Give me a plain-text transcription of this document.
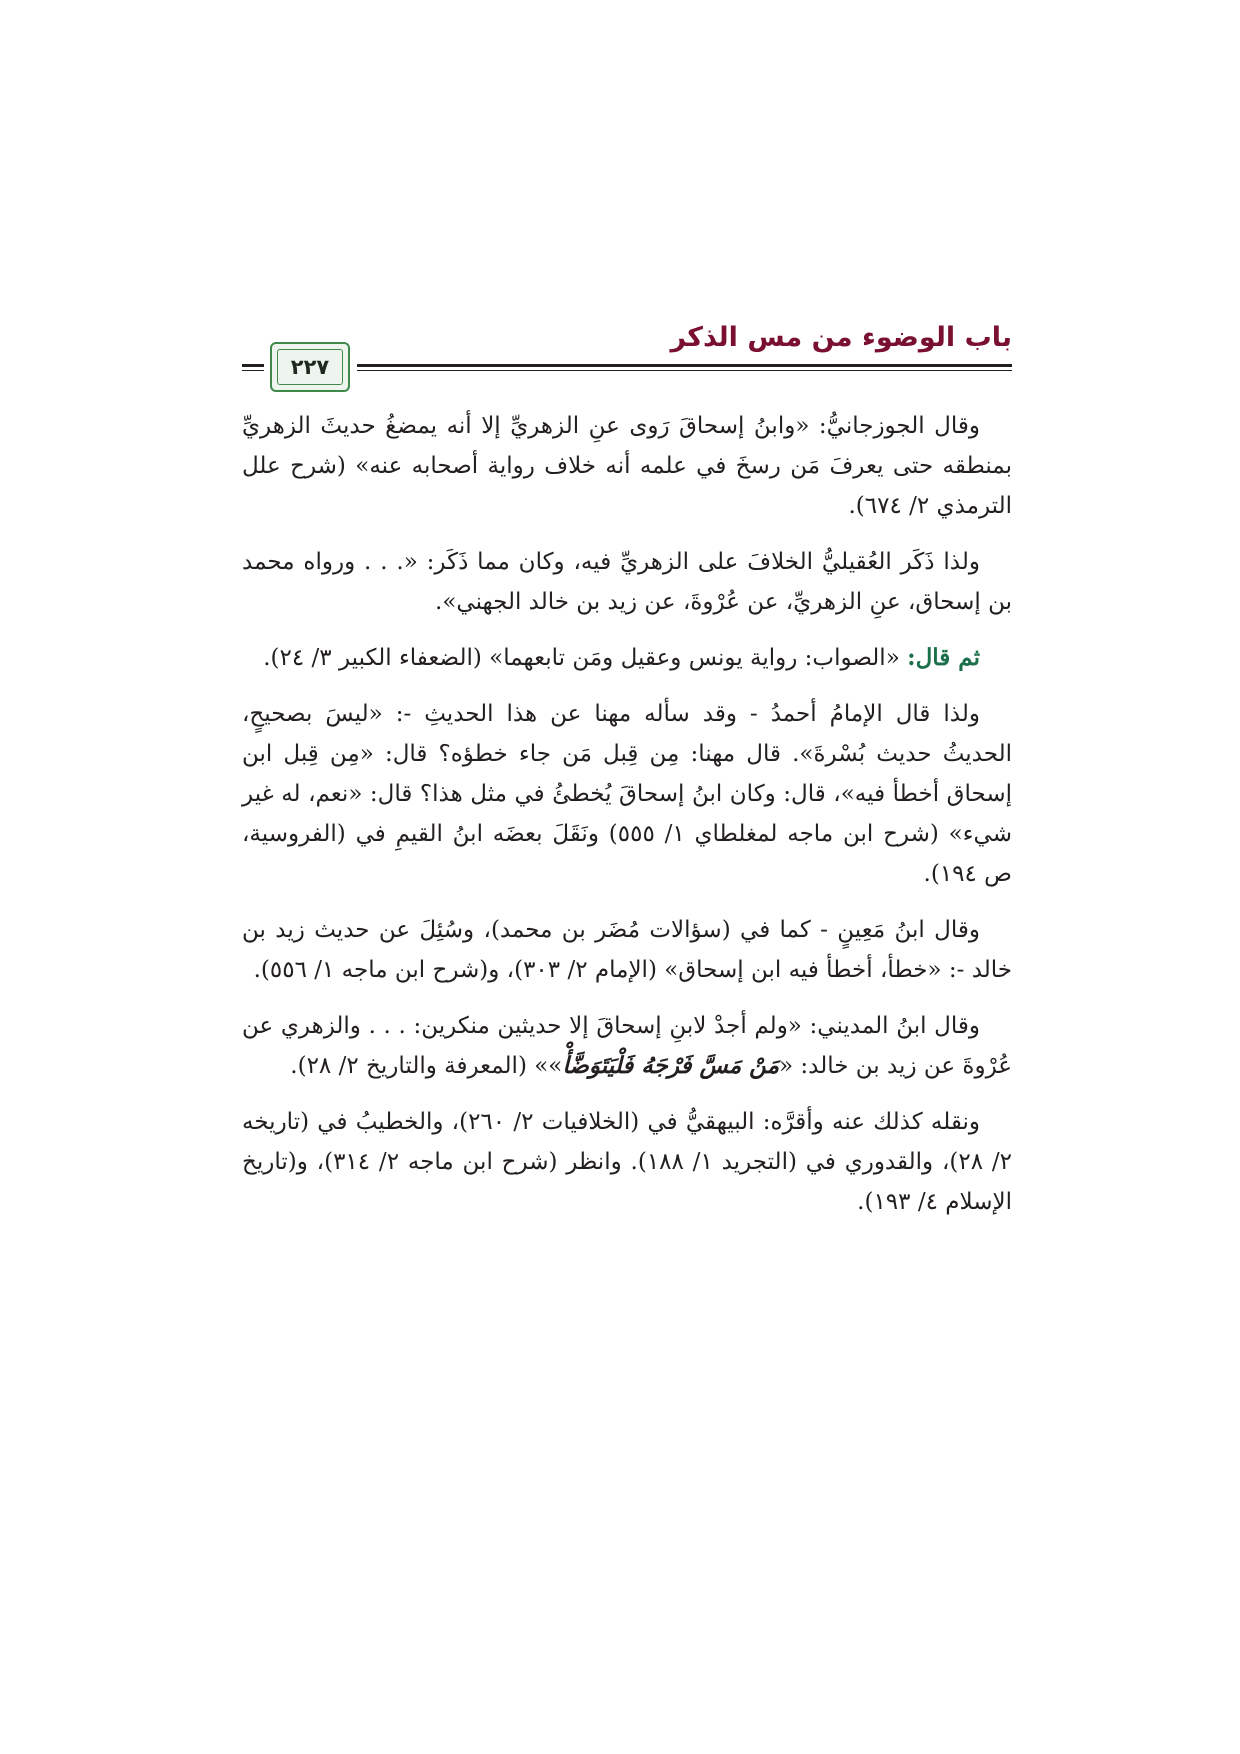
باب الوضوء من مس الذكر
٢٢٧

وقال الجوزجانيُّ: «وابنُ إسحاقَ رَوى عنِ الزهريِّ إلا أنه يمضغُ حديثَ الزهريِّ بمنطقه حتى يعرفَ مَن رسخَ في علمه أنه خلاف رواية أصحابه عنه» (شرح علل الترمذي ٢/ ٦٧٤).

ولذا ذَكَر العُقيليُّ الخلافَ على الزهريِّ فيه، وكان مما ذَكَر: «. . . ورواه محمد بن إسحاق، عنِ الزهريِّ، عن عُرْوةَ، عن زيد بن خالد الجهني».

ثم قال: «الصواب: رواية يونس وعقيل ومَن تابعهما» (الضعفاء الكبير ٣/ ٢٤).

ولذا قال الإمامُ أحمدُ - وقد سأله مهنا عن هذا الحديثِ -: «ليسَ بصحيحٍ، الحديثُ حديث بُسْرةَ». قال مهنا: مِن قِبل مَن جاء خطؤه؟ قال: «مِن قِبل ابن إسحاق أخطأ فيه»، قال: وكان ابنُ إسحاقَ يُخطئُ في مثل هذا؟ قال: «نعم، له غير شيء» (شرح ابن ماجه لمغلطاي ١/ ٥٥٥) ونَقَلَ بعضَه ابنُ القيمِ في (الفروسية، ص ١٩٤).

وقال ابنُ مَعِينٍ - كما في (سؤالات مُضَر بن محمد)، وسُئِلَ عن حديث زيد بن خالد -: «خطأ، أخطأ فيه ابن إسحاق» (الإمام ٢/ ٣٠٣)، و(شرح ابن ماجه ١/ ٥٥٦).

وقال ابنُ المديني: «ولم أجدْ لابنِ إسحاقَ إلا حديثين منكرين: . . . والزهري عن عُرْوةَ عن زيد بن خالد: «مَنْ مَسَّ فَرْجَهُ فَلْيَتَوَضَّأْ»» (المعرفة والتاريخ ٢/ ٢٨).

ونقله كذلك عنه وأقرَّه: البيهقيُّ في (الخلافيات ٢/ ٢٦٠)، والخطيبُ في (تاريخه ٢/ ٢٨)، والقدوري في (التجريد ١/ ١٨٨). وانظر (شرح ابن ماجه ٢/ ٣١٤)، و(تاريخ الإسلام ٤/ ١٩٣).
